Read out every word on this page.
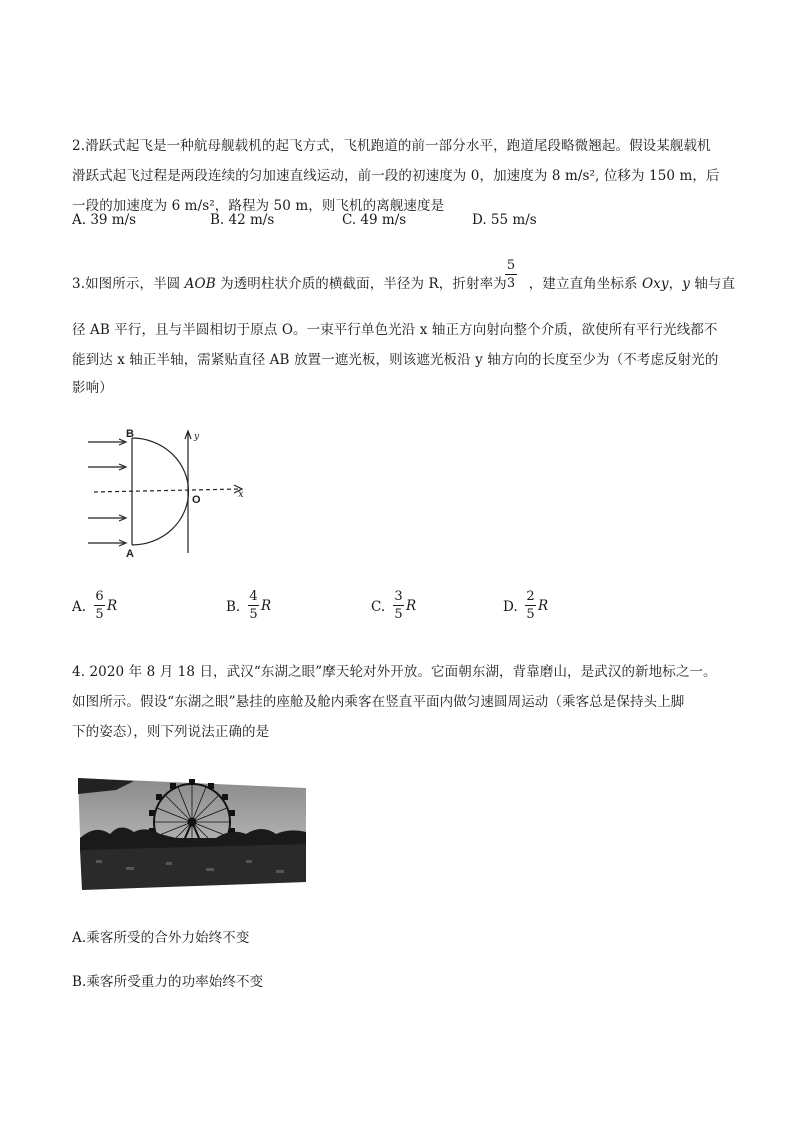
2.滑跃式起飞是一种航母舰载机的起飞方式，飞机跑道的前一部分水平，跑道尾段略微翘起。假设某舰载机
滑跃式起飞过程是两段连续的匀加速直线运动，前一段的初速度为 0，加速度为 8 m/s², 位移为 150 m，后
一段的加速度为 6 m/s²，路程为 50 m，则飞机的离舰速度是
A. 39 m/s	B. 42 m/s	C. 49 m/s	D. 55 m/s
3.如图所示，半圆 AOB 为透明柱状介质的横截面，半径为 R，折射率为 ，建立直角坐标系 Oxy，y 轴与直
5
3
径 AB 平行，且与半圆相切于原点 O。一束平行单色光沿 x 轴正方向射向整个介质，欲使所有平行光线都不
能到达 x 轴正半轴，需紧贴直径 AB 放置一遮光板，则该遮光板沿 y 轴方向的长度至少为（不考虑反射光的
影响）
B
A
O	x
y
A.
6
5
R	B.
4
5
R	C.
3
5
R	D.
2
5
R
4. 2020 年 8 月 18 日，武汉“东湖之眼”摩天轮对外开放。它面朝东湖，背靠磨山，是武汉的新地标之一。
如图所示。假设“东湖之眼”悬挂的座舱及舱内乘客在竖直平面内做匀速圆周运动（乘客总是保持头上脚
下的姿态），则下列说法正确的是
A.乘客所受的合外力始终不变
B.乘客所受重力的功率始终不变
